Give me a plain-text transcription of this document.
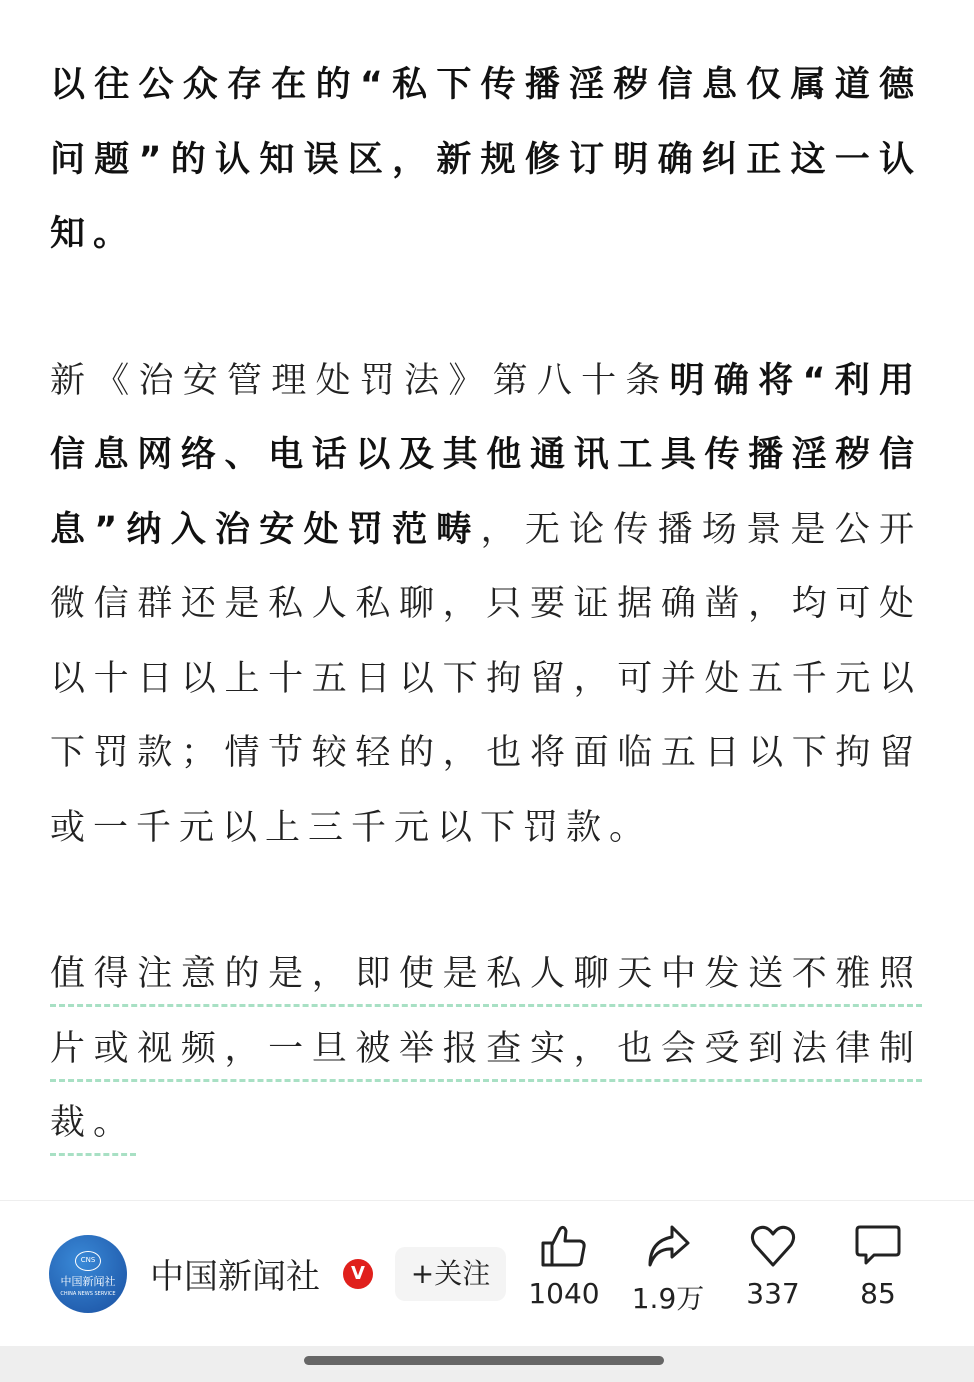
以往公众存在的“私下传播淫秽信息仅属道德
问题”的认知误区，新规修订明确纠正这一认
知。
新《治安管理处罚法》第八十条明确将“利用
信息网络、电话以及其他通讯工具传播淫秽信
息”纳入治安处罚范畴，无论传播场景是公开
微信群还是私人私聊，只要证据确凿，均可处
以十日以上十五日以下拘留，可并处五千元以
下罚款；情节较轻的，也将面临五日以下拘留
或一千元以上三千元以下罚款。
值得注意的是，即使是私人聊天中发送不雅照
片或视频，一旦被举报查实，也会受到法律制
裁。
CNS
中国新闻社
CHINA NEWS SERVICE 中国新闻社	V	+关注
1040 1.9万	337	85
